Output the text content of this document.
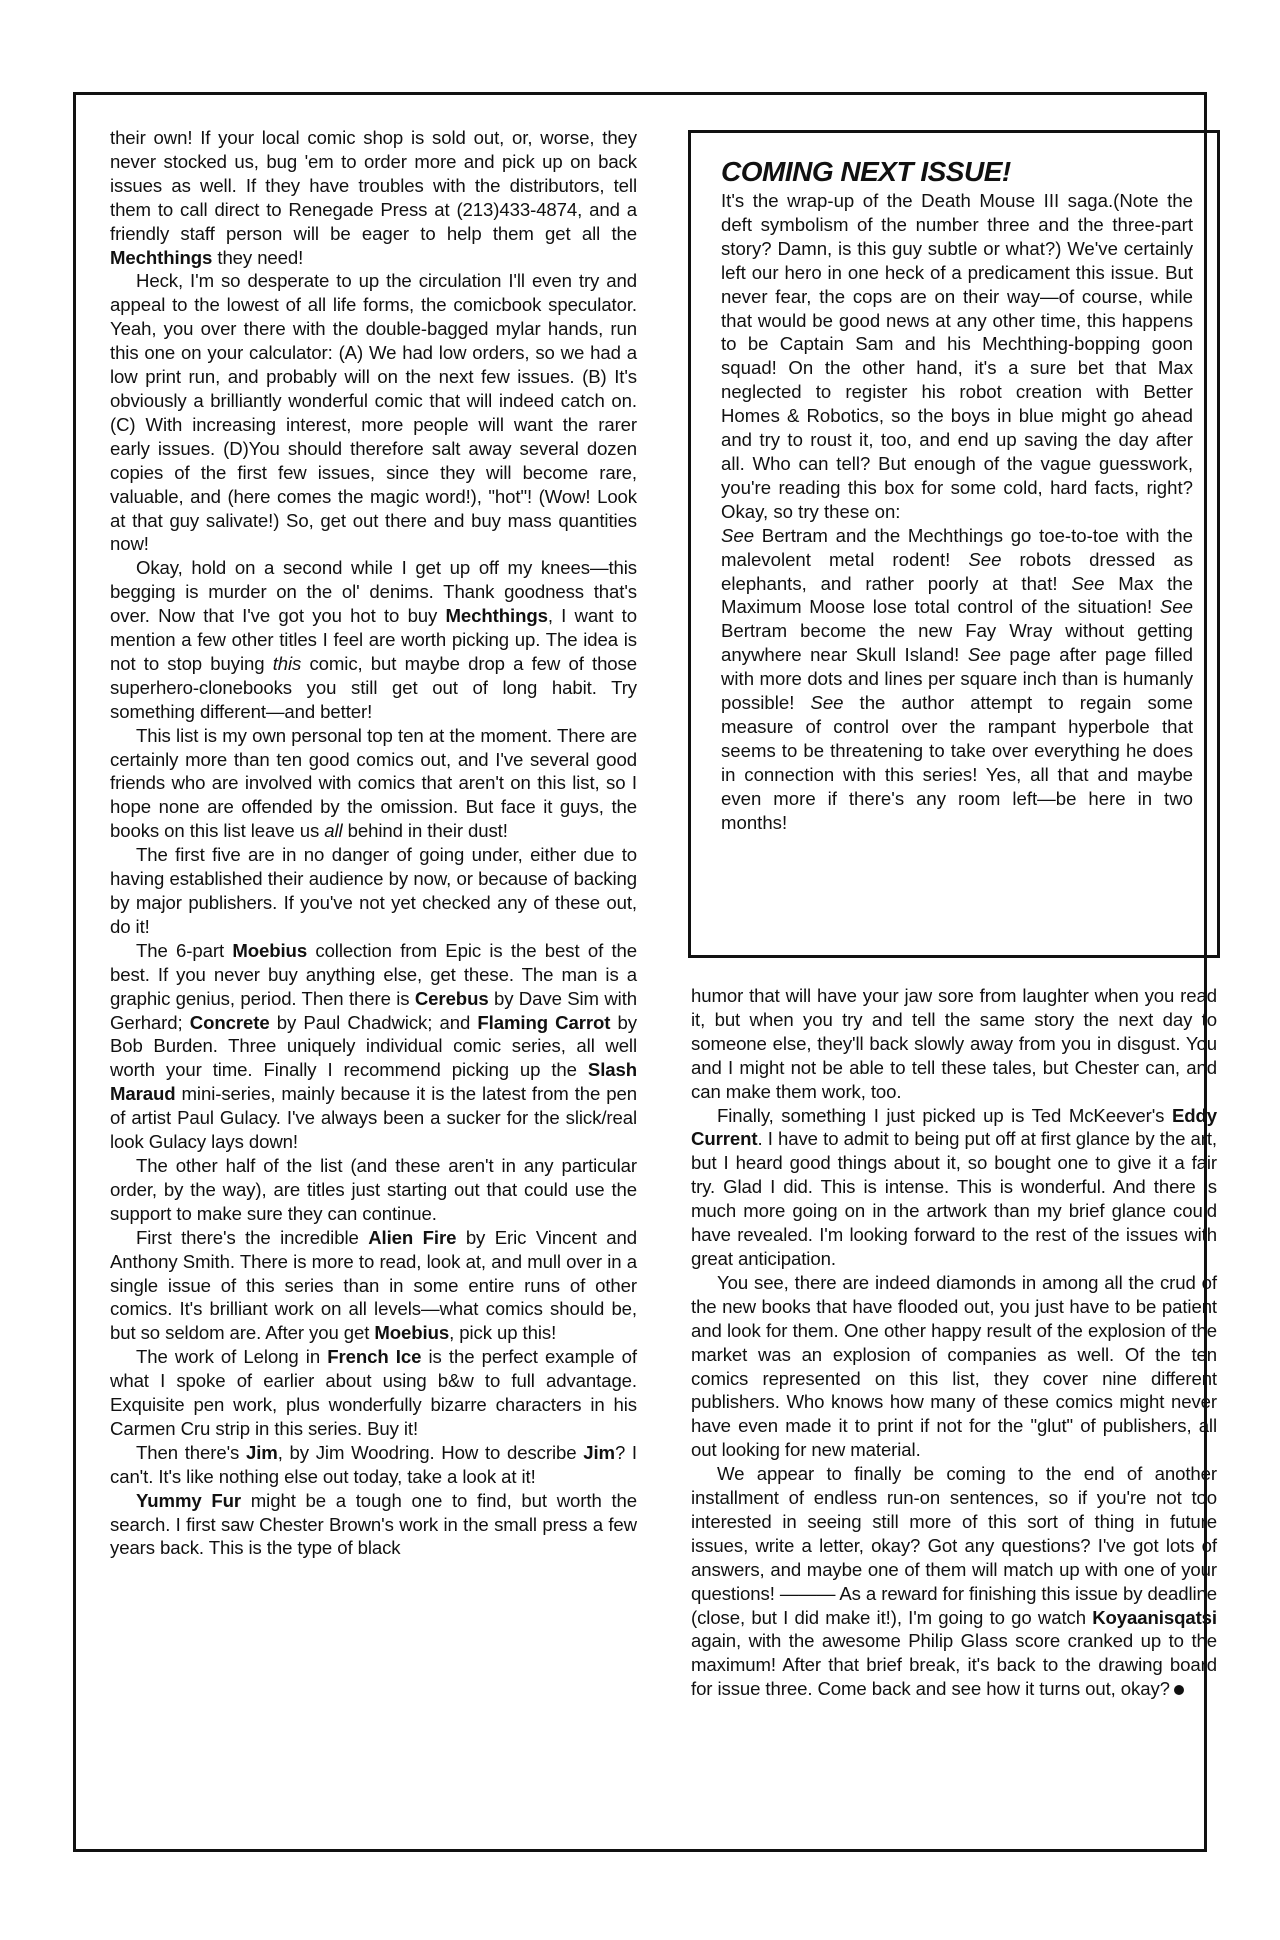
their own! If your local comic shop is sold out, or, worse, they never stocked us, bug 'em to order more and pick up on back issues as well. If they have troubles with the distributors, tell them to call direct to Renegade Press at (213)433-4874, and a friendly staff person will be eager to help them get all the Mechthings they need!

Heck, I'm so desperate to up the circulation I'll even try and appeal to the lowest of all life forms, the comicbook speculator. Yeah, you over there with the double-bagged mylar hands, run this one on your calculator: (A) We had low orders, so we had a low print run, and probably will on the next few issues. (B) It's obviously a brilliantly wonderful comic that will indeed catch on. (C) With increasing interest, more people will want the rarer early issues. (D)You should therefore salt away several dozen copies of the first few issues, since they will become rare, valuable, and (here comes the magic word!), "hot"! (Wow! Look at that guy salivate!) So, get out there and buy mass quantities now!

Okay, hold on a second while I get up off my knees—this begging is murder on the ol' denims. Thank goodness that's over. Now that I've got you hot to buy Mechthings, I want to mention a few other titles I feel are worth picking up. The idea is not to stop buying this comic, but maybe drop a few of those superhero-clonebooks you still get out of long habit. Try something different—and better!

This list is my own personal top ten at the moment. There are certainly more than ten good comics out, and I've several good friends who are involved with comics that aren't on this list, so I hope none are offended by the omission. But face it guys, the books on this list leave us all behind in their dust!

The first five are in no danger of going under, either due to having established their audience by now, or because of backing by major publishers. If you've not yet checked any of these out, do it!

The 6-part Moebius collection from Epic is the best of the best. If you never buy anything else, get these. The man is a graphic genius, period. Then there is Cerebus by Dave Sim with Gerhard; Concrete by Paul Chadwick; and Flaming Carrot by Bob Burden. Three uniquely individual comic series, all well worth your time. Finally I recommend picking up the Slash Maraud mini-series, mainly because it is the latest from the pen of artist Paul Gulacy. I've always been a sucker for the slick/real look Gulacy lays down!

The other half of the list (and these aren't in any particular order, by the way), are titles just starting out that could use the support to make sure they can continue.

First there's the incredible Alien Fire by Eric Vincent and Anthony Smith. There is more to read, look at, and mull over in a single issue of this series than in some entire runs of other comics. It's brilliant work on all levels—what comics should be, but so seldom are. After you get Moebius, pick up this!

The work of Lelong in French Ice is the perfect example of what I spoke of earlier about using b&w to full advantage. Exquisite pen work, plus wonderfully bizarre characters in his Carmen Cru strip in this series. Buy it!

Then there's Jim, by Jim Woodring. How to describe Jim? I can't. It's like nothing else out today, take a look at it!

Yummy Fur might be a tough one to find, but worth the search. I first saw Chester Brown's work in the small press a few years back. This is the type of black

COMING NEXT ISSUE!

It's the wrap-up of the Death Mouse III saga.(Note the deft symbolism of the number three and the three-part story? Damn, is this guy subtle or what?) We've certainly left our hero in one heck of a predicament this issue. But never fear, the cops are on their way—of course, while that would be good news at any other time, this happens to be Captain Sam and his Mechthing-bopping goon squad! On the other hand, it's a sure bet that Max neglected to register his robot creation with Better Homes & Robotics, so the boys in blue might go ahead and try to roust it, too, and end up saving the day after all. Who can tell? But enough of the vague guesswork, you're reading this box for some cold, hard facts, right? Okay, so try these on:

See Bertram and the Mechthings go toe-to-toe with the malevolent metal rodent! See robots dressed as elephants, and rather poorly at that! See Max the Maximum Moose lose total control of the situation! See Bertram become the new Fay Wray without getting anywhere near Skull Island! See page after page filled with more dots and lines per square inch than is humanly possible! See the author attempt to regain some measure of control over the rampant hyperbole that seems to be threatening to take over everything he does in connection with this series! Yes, all that and maybe even more if there's any room left—be here in two months!

humor that will have your jaw sore from laughter when you read it, but when you try and tell the same story the next day to someone else, they'll back slowly away from you in disgust. You and I might not be able to tell these tales, but Chester can, and can make them work, too.

Finally, something I just picked up is Ted McKeever's Eddy Current. I have to admit to being put off at first glance by the art, but I heard good things about it, so bought one to give it a fair try. Glad I did. This is intense. This is wonderful. And there is much more going on in the artwork than my brief glance could have revealed. I'm looking forward to the rest of the issues with great anticipation.

You see, there are indeed diamonds in among all the crud of the new books that have flooded out, you just have to be patient and look for them. One other happy result of the explosion of the market was an explosion of companies as well. Of the ten comics represented on this list, they cover nine different publishers. Who knows how many of these comics might never have even made it to print if not for the "glut" of publishers, all out looking for new material.

We appear to finally be coming to the end of another installment of endless run-on sentences, so if you're not too interested in seeing still more of this sort of thing in future issues, write a letter, okay? Got any questions? I've got lots of answers, and maybe one of them will match up with one of your questions! ——— As a reward for finishing this issue by deadline (close, but I did make it!), I'm going to go watch Koyaanisqatsi again, with the awesome Philip Glass score cranked up to the maximum! After that brief break, it's back to the drawing board for issue three. Come back and see how it turns out, okay?
